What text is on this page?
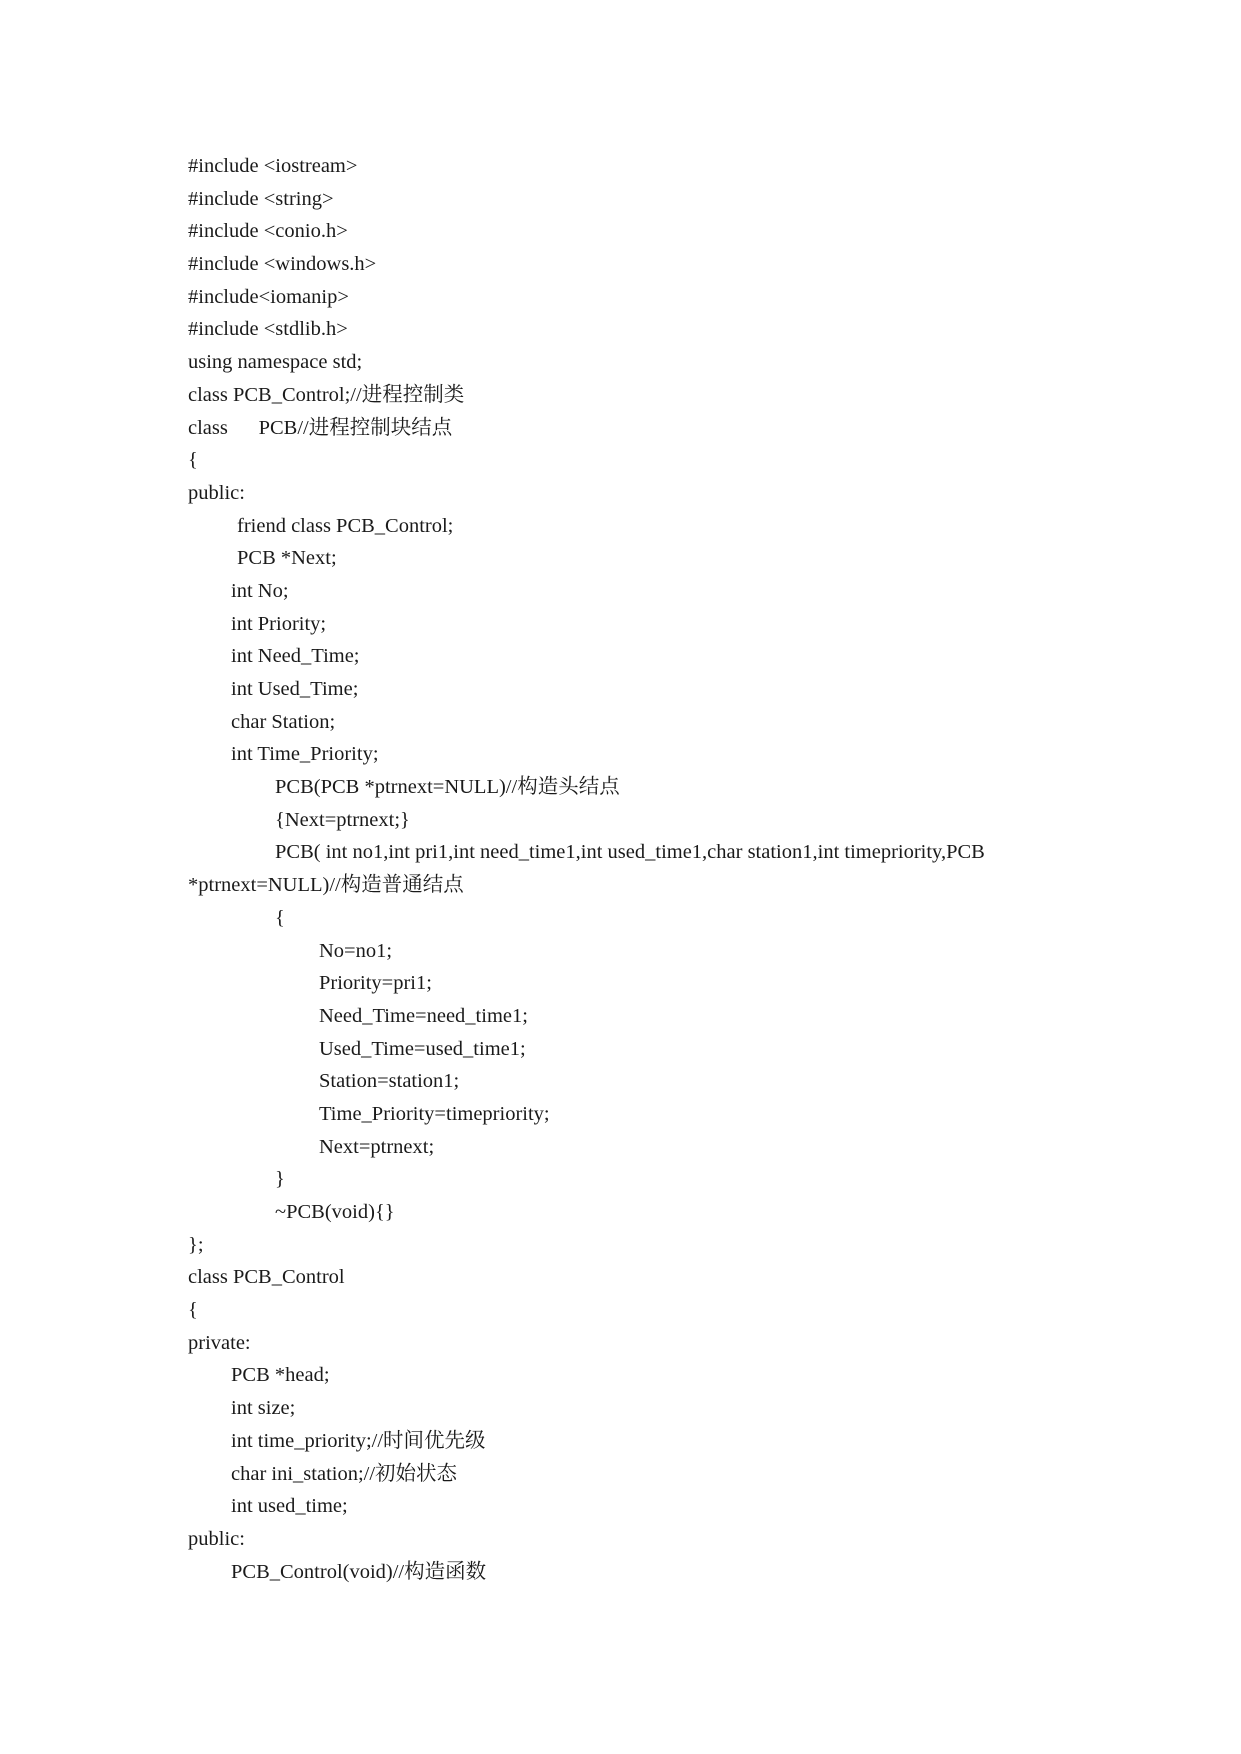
#include <iostream>
#include <string>
#include <conio.h>
#include <windows.h>
#include<iomanip>
#include <stdlib.h>
using namespace std;
class PCB_Control;//进程控制类
class      PCB//进程控制块结点
{
public:
friend class PCB_Control;
PCB *Next;
int No;
int Priority;
int Need_Time;
int Used_Time;
char Station;
int Time_Priority;
PCB(PCB *ptrnext=NULL)//构造头结点
{Next=ptrnext;}
PCB( int no1,int pri1,int need_time1,int used_time1,char station1,int timepriority,PCB
*ptrnext=NULL)//构造普通结点
{
No=no1;
Priority=pri1;
Need_Time=need_time1;
Used_Time=used_time1;
Station=station1;
Time_Priority=timepriority;
Next=ptrnext;
}
~PCB(void){}
};
class PCB_Control
{
private:
PCB *head;
int size;
int time_priority;//时间优先级
char ini_station;//初始状态
int used_time;
public:
PCB_Control(void)//构造函数
